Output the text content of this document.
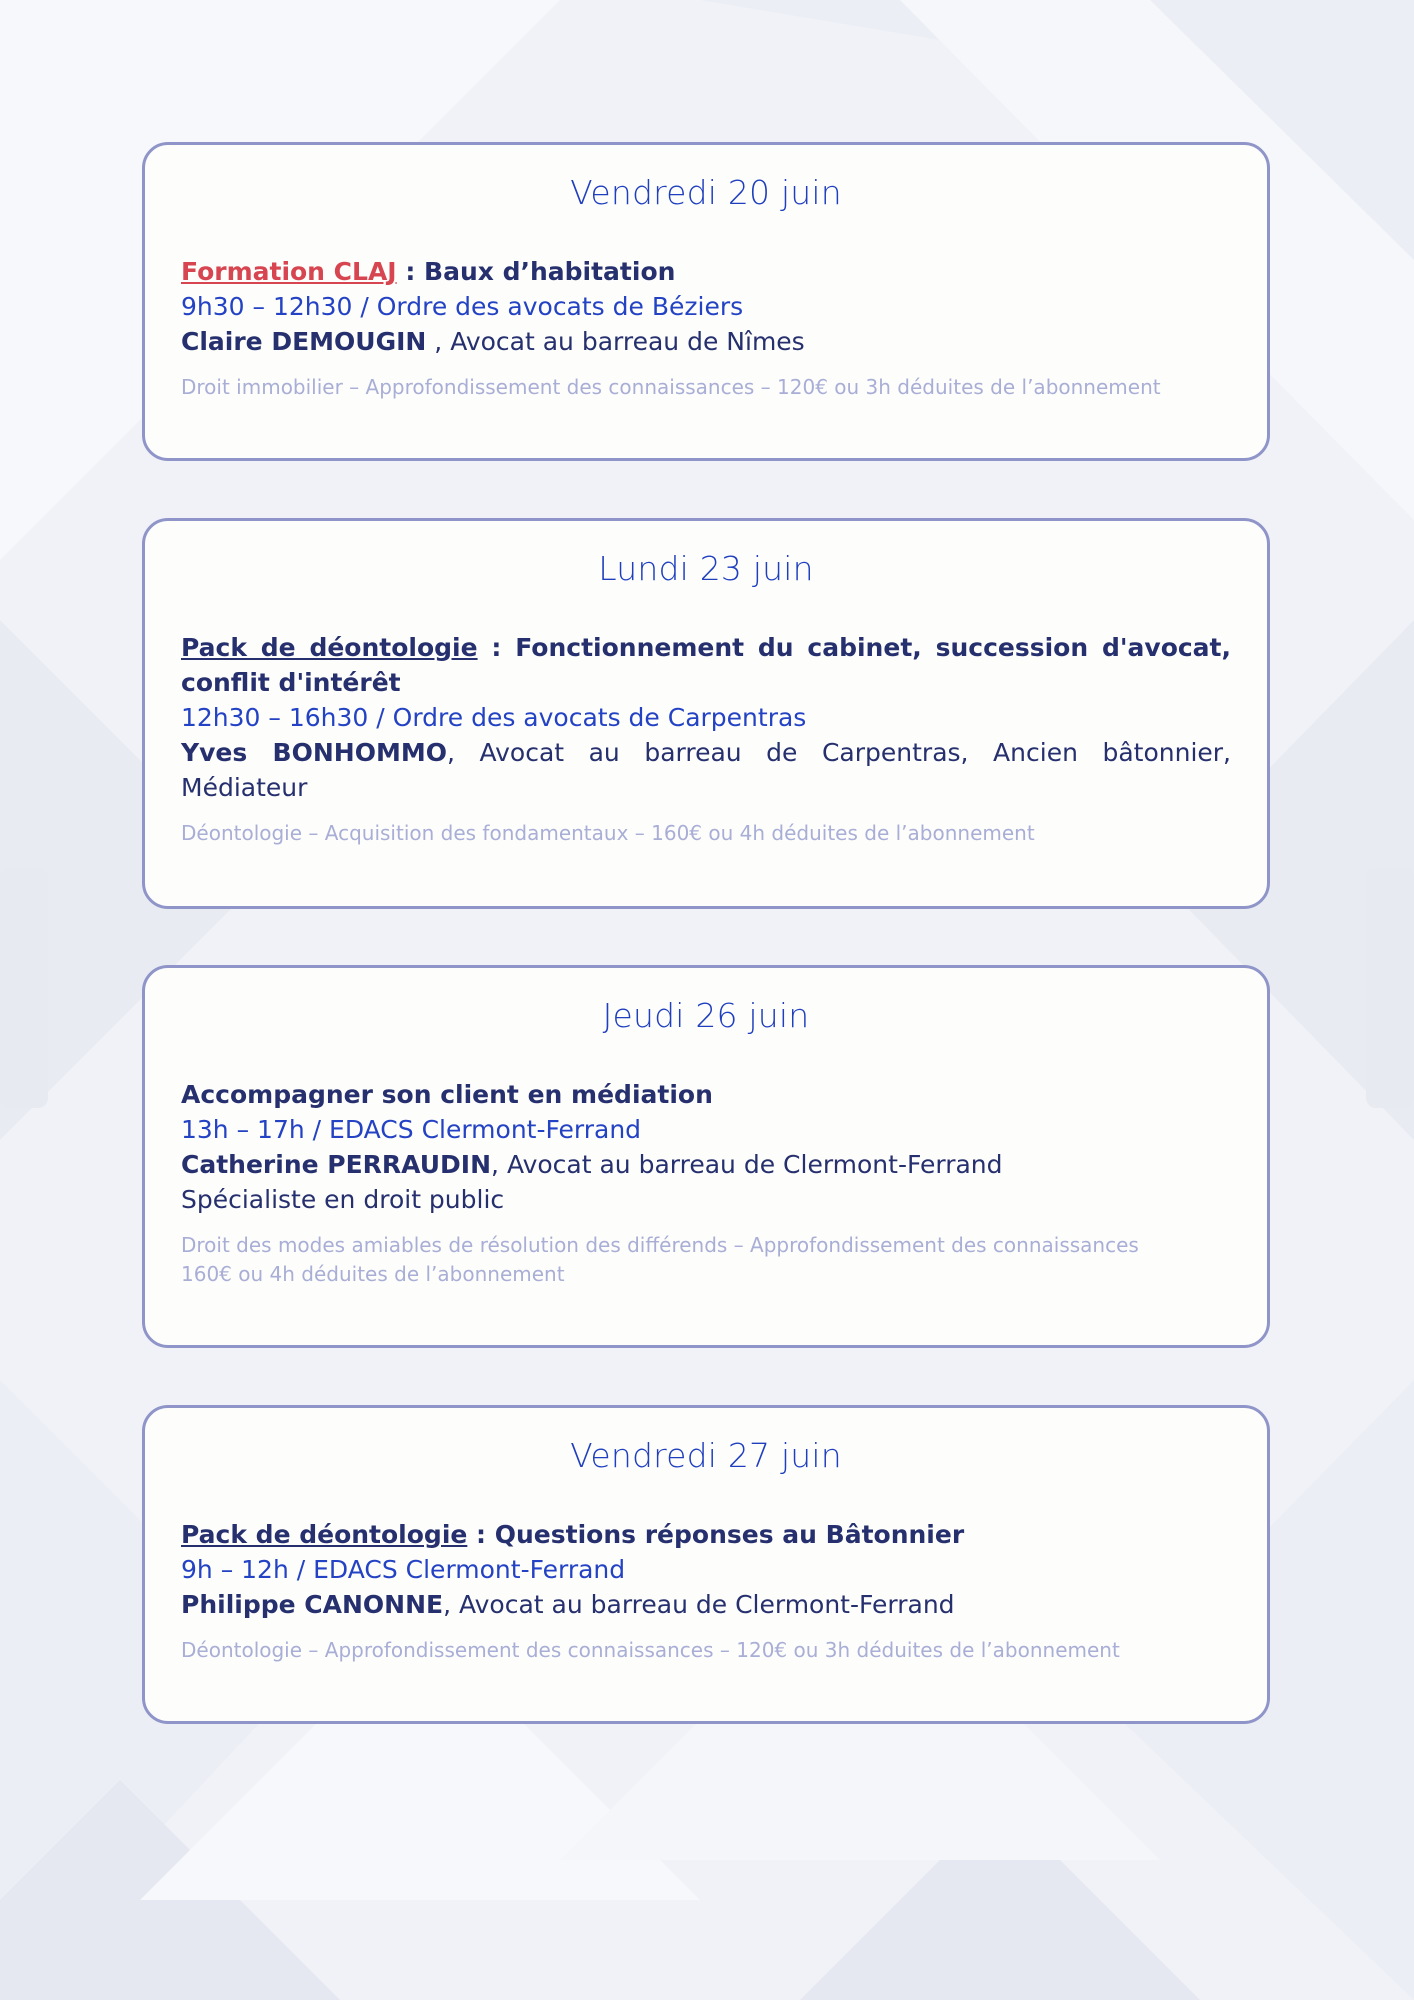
Vendredi 20 juin
Formation CLAJ : Baux d’habitation
9h30 – 12h30 / Ordre des avocats de Béziers
Claire DEMOUGIN , Avocat au barreau de Nîmes
Droit immobilier – Approfondissement des connaissances – 120€ ou 3h déduites de l’abonnement
Lundi 23 juin
Pack de déontologie : Fonctionnement du cabinet, succession d'avocat, conflit d'intérêt
12h30 – 16h30 / Ordre des avocats de Carpentras
Yves BONHOMMO, Avocat au barreau de Carpentras, Ancien bâtonnier, Médiateur
Déontologie – Acquisition des fondamentaux – 160€ ou 4h déduites de l’abonnement
Jeudi 26 juin
Accompagner son client en médiation
13h – 17h / EDACS Clermont-Ferrand
Catherine PERRAUDIN, Avocat au barreau de Clermont-Ferrand
Spécialiste en droit public
Droit des modes amiables de résolution des différends – Approfondissement des connaissances
160€ ou 4h déduites de l’abonnement
Vendredi 27 juin
Pack de déontologie : Questions réponses au Bâtonnier
9h – 12h / EDACS Clermont-Ferrand
Philippe CANONNE, Avocat au barreau de Clermont-Ferrand
Déontologie – Approfondissement des connaissances – 120€ ou 3h déduites de l’abonnement
